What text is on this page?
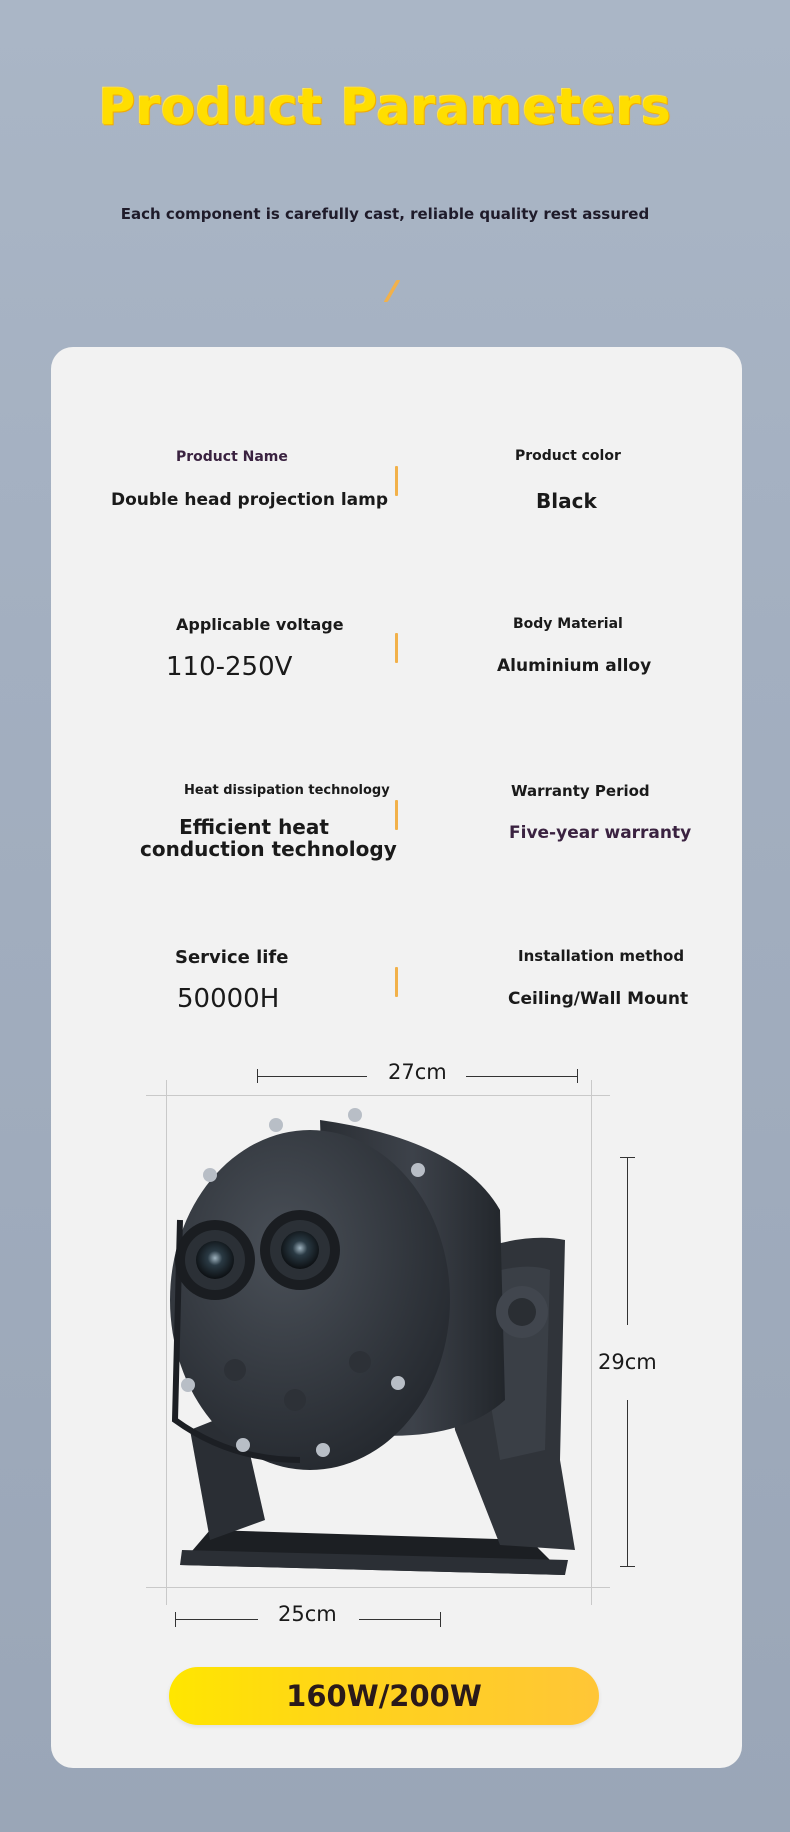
Product Parameters
Each component is carefully cast, reliable quality rest assured
Product Name
Double head projection lamp
Product color
Black
Applicable voltage
110-250V
Body Material
Aluminium alloy
Heat dissipation technology
Efficient heat
conduction technology
Warranty Period
Five-year warranty
Service life
50000H
Installation method
Ceiling/Wall Mount
27cm
29cm
25cm
160W/200W
